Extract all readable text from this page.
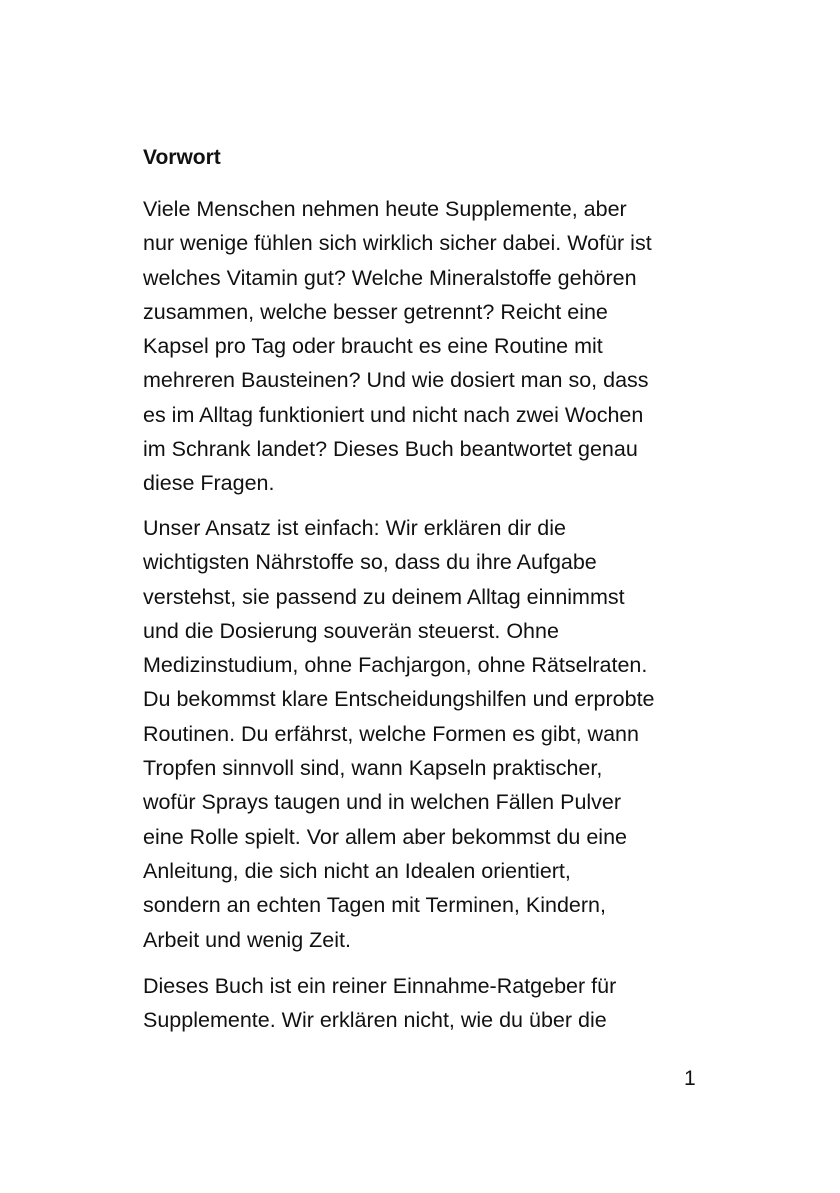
Vorwort

Viele Menschen nehmen heute Supplemente, aber
nur wenige fühlen sich wirklich sicher dabei. Wofür ist
welches Vitamin gut? Welche Mineralstoffe gehören
zusammen, welche besser getrennt? Reicht eine
Kapsel pro Tag oder braucht es eine Routine mit
mehreren Bausteinen? Und wie dosiert man so, dass
es im Alltag funktioniert und nicht nach zwei Wochen
im Schrank landet? Dieses Buch beantwortet genau
diese Fragen.

Unser Ansatz ist einfach: Wir erklären dir die
wichtigsten Nährstoffe so, dass du ihre Aufgabe
verstehst, sie passend zu deinem Alltag einnimmst
und die Dosierung souverän steuerst. Ohne
Medizinstudium, ohne Fachjargon, ohne Rätselraten.
Du bekommst klare Entscheidungshilfen und erprobte
Routinen. Du erfährst, welche Formen es gibt, wann
Tropfen sinnvoll sind, wann Kapseln praktischer,
wofür Sprays taugen und in welchen Fällen Pulver
eine Rolle spielt. Vor allem aber bekommst du eine
Anleitung, die sich nicht an Idealen orientiert,
sondern an echten Tagen mit Terminen, Kindern,
Arbeit und wenig Zeit.

Dieses Buch ist ein reiner Einnahme-Ratgeber für
Supplemente. Wir erklären nicht, wie du über die

1
